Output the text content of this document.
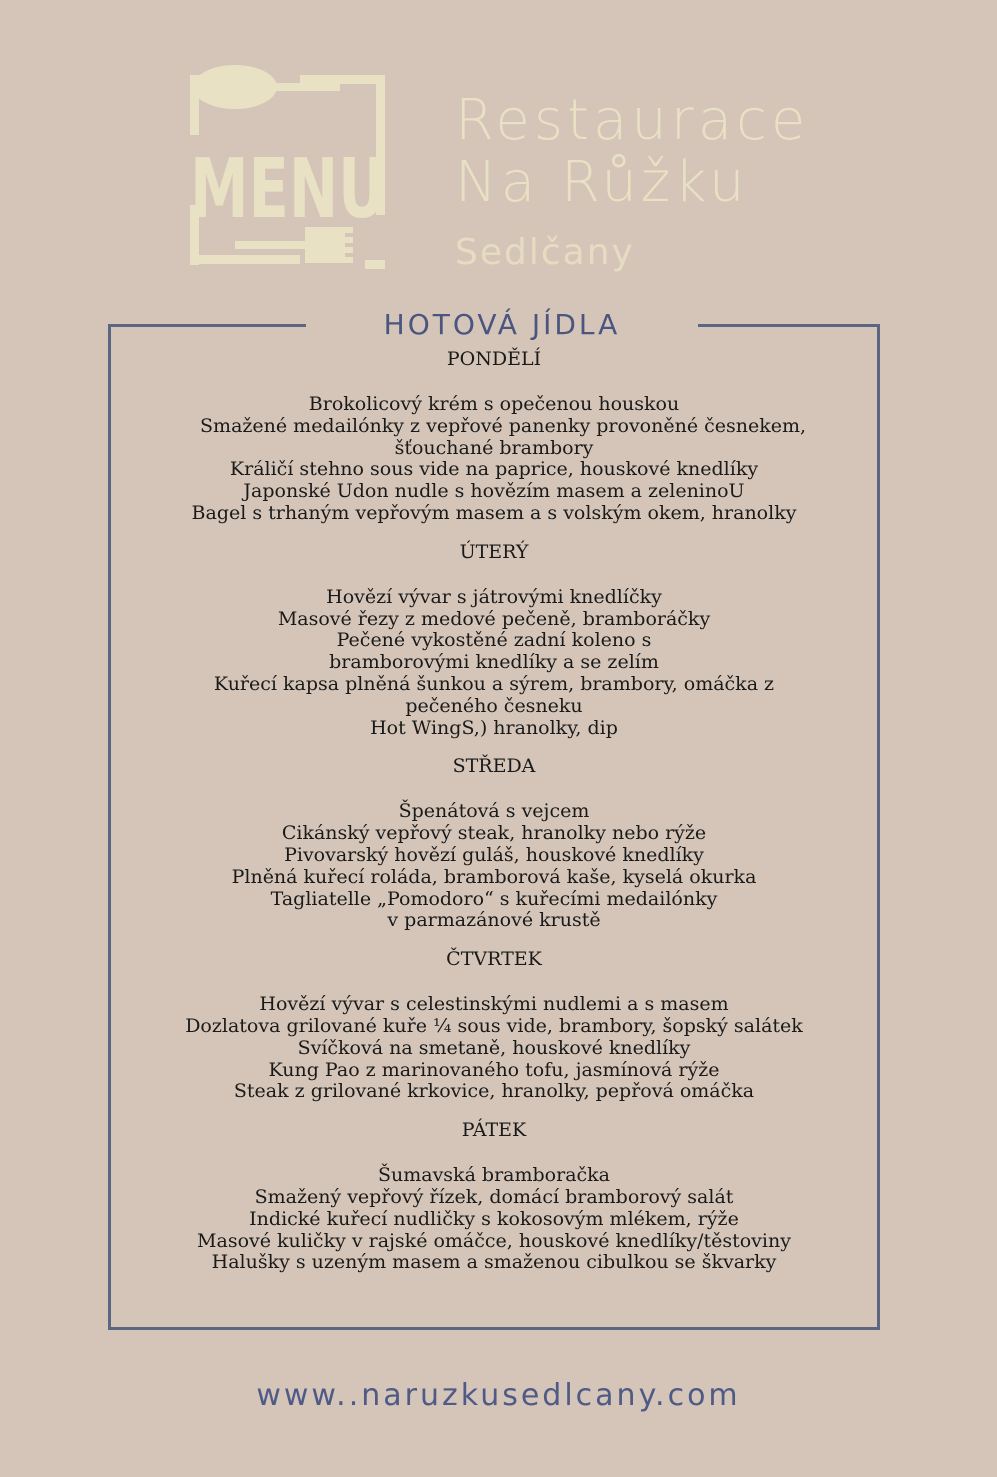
MENU
Restaurace
Na Růžku
Sedlčany
HOTOVÁ JÍDLA
PONDĚLÍ
Brokolicový krém s opečenou houskou
Smažené medailónky z vepřové panenky provoněné česnekem,
šťouchané brambory
Králičí stehno sous vide na paprice, houskové knedlíky
Japonské Udon nudle s hovězím masem a zeleninoU
Bagel s trhaným vepřovým masem a s volským okem, hranolky
ÚTERÝ
Hovězí vývar s játrovými knedlíčky
Masové řezy z medové pečeně, bramboráčky
Pečené vykostěné zadní koleno s
bramborovými knedlíky a se zelím
Kuřecí kapsa plněná šunkou a sýrem, brambory, omáčka z
pečeného česneku
Hot WingS,) hranolky, dip
STŘEDA
Špenátová s vejcem
Cikánský vepřový steak, hranolky nebo rýže
Pivovarský hovězí guláš, houskové knedlíky
Plněná kuřecí roláda, bramborová kaše, kyselá okurka
Tagliatelle „Pomodoro“ s kuřecími medailónky
v parmazánové krustě
ČTVRTEK
Hovězí vývar s celestinskými nudlemi a s masem
Dozlatova grilované kuře ¼ sous vide, brambory, šopský salátek
Svíčková na smetaně, houskové knedlíky
Kung Pao z marinovaného tofu, jasmínová rýže
Steak z grilované krkovice, hranolky, pepřová omáčka
PÁTEK
Šumavská bramboračka
Smažený vepřový řízek, domácí bramborový salát
Indické kuřecí nudličky s kokosovým mlékem, rýže
Masové kuličky v rajské omáčce, houskové knedlíky/těstoviny
Halušky s uzeným masem a smaženou cibulkou se škvarky
www..naruzkusedlcany.com
